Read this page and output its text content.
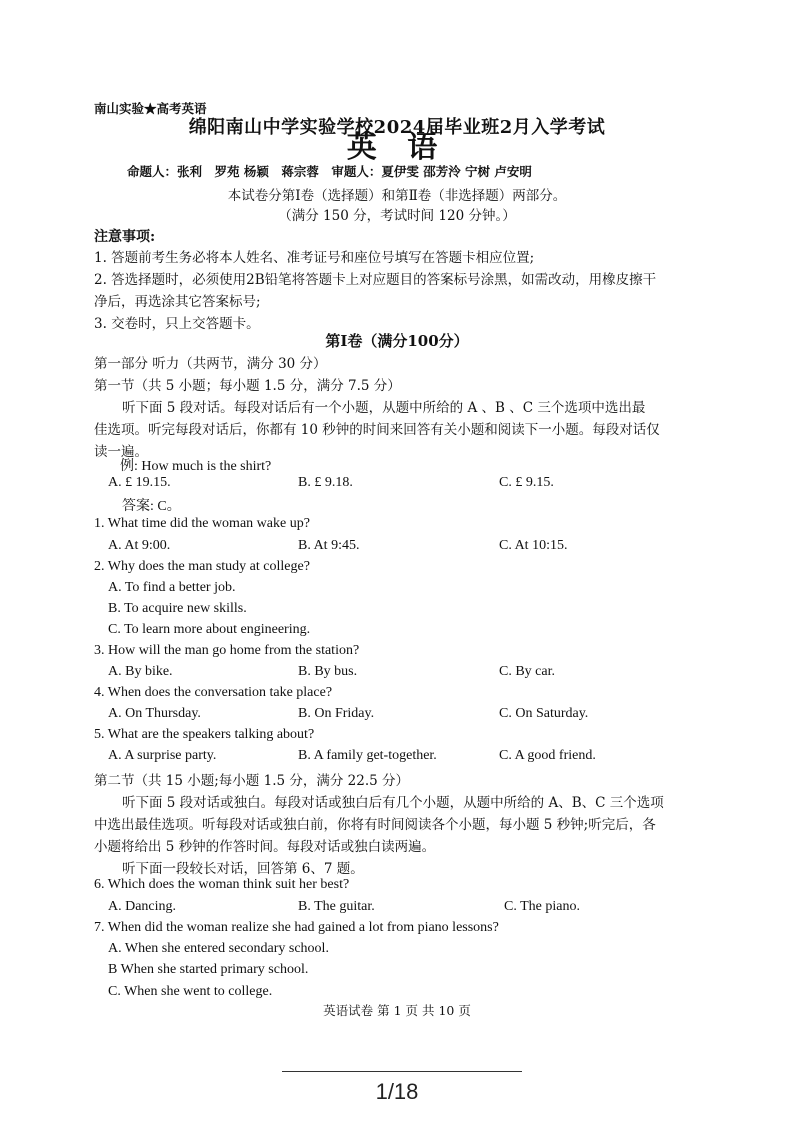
南山实验★高考英语
绵阳南山中学实验学校2024届毕业班2月入学考试
英 语
命题人：张利　罗苑 杨颖　蒋宗蓉　审题人：夏伊雯 邵芳泠 宁树 卢安明
本试卷分第Ⅰ卷（选择题）和第Ⅱ卷（非选择题）两部分。
（满分 150 分，考试时间 120 分钟。）
注意事项:
1. 答题前考生务必将本人姓名、准考证号和座位号填写在答题卡相应位置;
2. 答选择题时，必须使用2B铅笔将答题卡上对应题目的答案标号涂黑，如需改动，用橡皮擦干
净后，再选涂其它答案标号;
3. 交卷时，只上交答题卡。
第Ⅰ卷（满分100分）
第一部分 听力（共两节，满分 30 分）
第一节（共 5 小题；每小题 1.5 分，满分 7.5 分）
听下面 5 段对话。每段对话后有一个小题，从题中所给的 A 、B 、C 三个选项中选出最
佳选项。听完每段对话后，你都有 10 秒钟的时间来回答有关小题和阅读下一小题。每段对话仅
读一遍。
例: How much is the shirt?
A. £ 19.15.	B. £ 9.18.	C. £ 9.15.
答案: C。
1. What time did the woman wake up?
A. At 9:00.	B. At 9:45.	C. At 10:15.
2. Why does the man study at college?
A. To find a better job.
B. To acquire new skills.
C. To learn more about engineering.
3. How will the man go home from the station?
A. By bike.	B. By bus.	C. By car.
4. When does the conversation take place?
A. On Thursday.	B. On Friday.	C. On Saturday.
5. What are the speakers talking about?
A. A surprise party.	B. A family get-together.	C. A good friend.
第二节（共 15 小题;每小题 1.5 分，满分 22.5 分）
听下面 5 段对话或独白。每段对话或独白后有几个小题，从题中所给的 A、B、C 三个选项
中选出最佳选项。听每段对话或独白前，你将有时间阅读各个小题，每小题 5 秒钟;听完后，各
小题将给出 5 秒钟的作答时间。每段对话或独白读两遍。
听下面一段较长对话，回答第 6、7 题。
6. Which does the woman think suit her best?
A. Dancing.	B. The guitar.	C. The piano.
7. When did the woman realize she had gained a lot from piano lessons?
A. When she entered secondary school.
B When she started primary school.
C. When she went to college.
英语试卷 第 1 页 共 10 页
1/18
